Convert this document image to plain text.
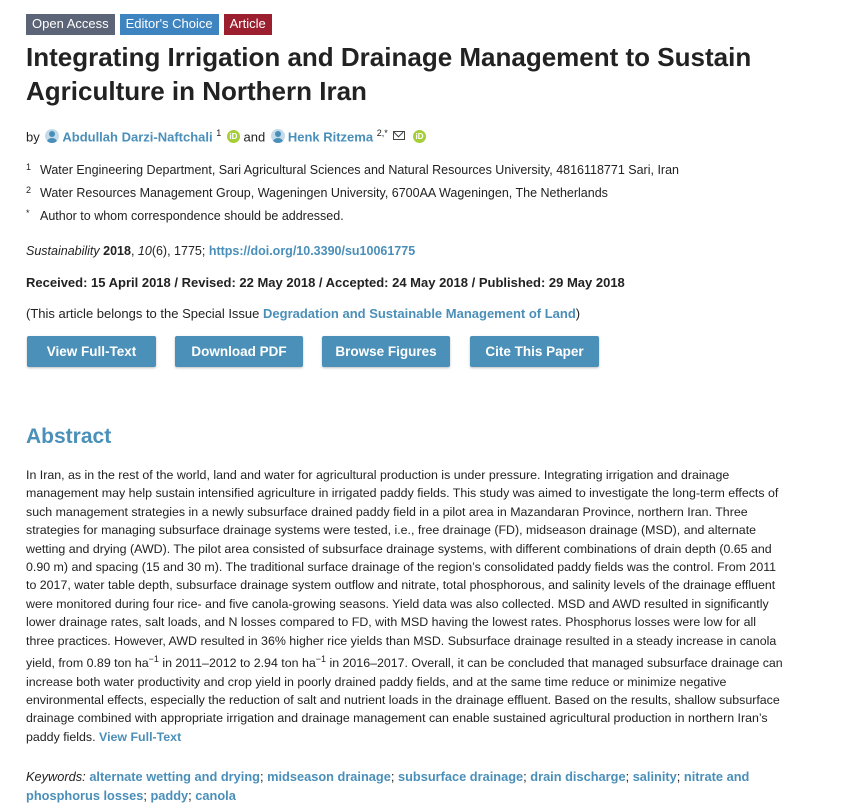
Open Access	Editor's Choice	Article
Integrating Irrigation and Drainage Management to Sustain Agriculture in Northern Iran
by Abdullah Darzi-Naftchali $^1$ iD and Henk Ritzema $^{2,*}$	iD
1 Water Engineering Department, Sari Agricultural Sciences and Natural Resources University, 4816118771 Sari, Iran
2 Water Resources Management Group, Wageningen University, 6700AA Wageningen, The Netherlands
* Author to whom correspondence should be addressed.
Sustainability 2018, 10(6), 1775; https://doi.org/10.3390/su10061775
Received: 15 April 2018 / Revised: 22 May 2018 / Accepted: 24 May 2018 / Published: 29 May 2018
(This article belongs to the Special Issue Degradation and Sustainable Management of Land)
View Full-Text	Download PDF	Browse Figures	Cite This Paper
Abstract

In Iran, as in the rest of the world, land and water for agricultural production is under pressure. Integrating irrigation and drainage management may help sustain intensified agriculture in irrigated paddy fields. This study was aimed to investigate the long-term effects of such management strategies in a newly subsurface drained paddy field in a pilot area in Mazandaran Province, northern Iran. Three strategies for managing subsurface drainage systems were tested, i.e., free drainage (FD), midseason drainage (MSD), and alternate wetting and drying (AWD). The pilot area consisted of subsurface drainage systems, with different combinations of drain depth (0.65 and 0.90 m) and spacing (15 and 30 m). The traditional surface drainage of the region’s consolidated paddy fields was the control. From 2011 to 2017, water table depth, subsurface drainage system outflow and nitrate, total phosphorous, and salinity levels of the drainage effluent were monitored during four rice- and five canola-growing seasons. Yield data was also collected. MSD and AWD resulted in significantly lower drainage rates, salt loads, and N losses compared to FD, with MSD having the lowest rates. Phosphorus losses were low for all three practices. However, AWD resulted in 36% higher rice yields than MSD. Subsurface drainage resulted in a steady increase in canola yield, from 0.89 ton $ha^{-1}$ in 2011–2012 to 2.94 ton $ha^{-1}$ in 2016–2017. Overall, it can be concluded that managed subsurface drainage can increase both water productivity and crop yield in poorly drained paddy fields, and at the same time reduce or minimize negative environmental effects, especially the reduction of salt and nutrient loads in the drainage effluent. Based on the results, shallow subsurface drainage combined with appropriate irrigation and drainage management can enable sustained agricultural production in northern Iran’s paddy fields. View Full-Text

Keywords: alternate wetting and drying; midseason drainage; subsurface drainage; drain discharge; salinity; nitrate and phosphorus losses; paddy; canola
